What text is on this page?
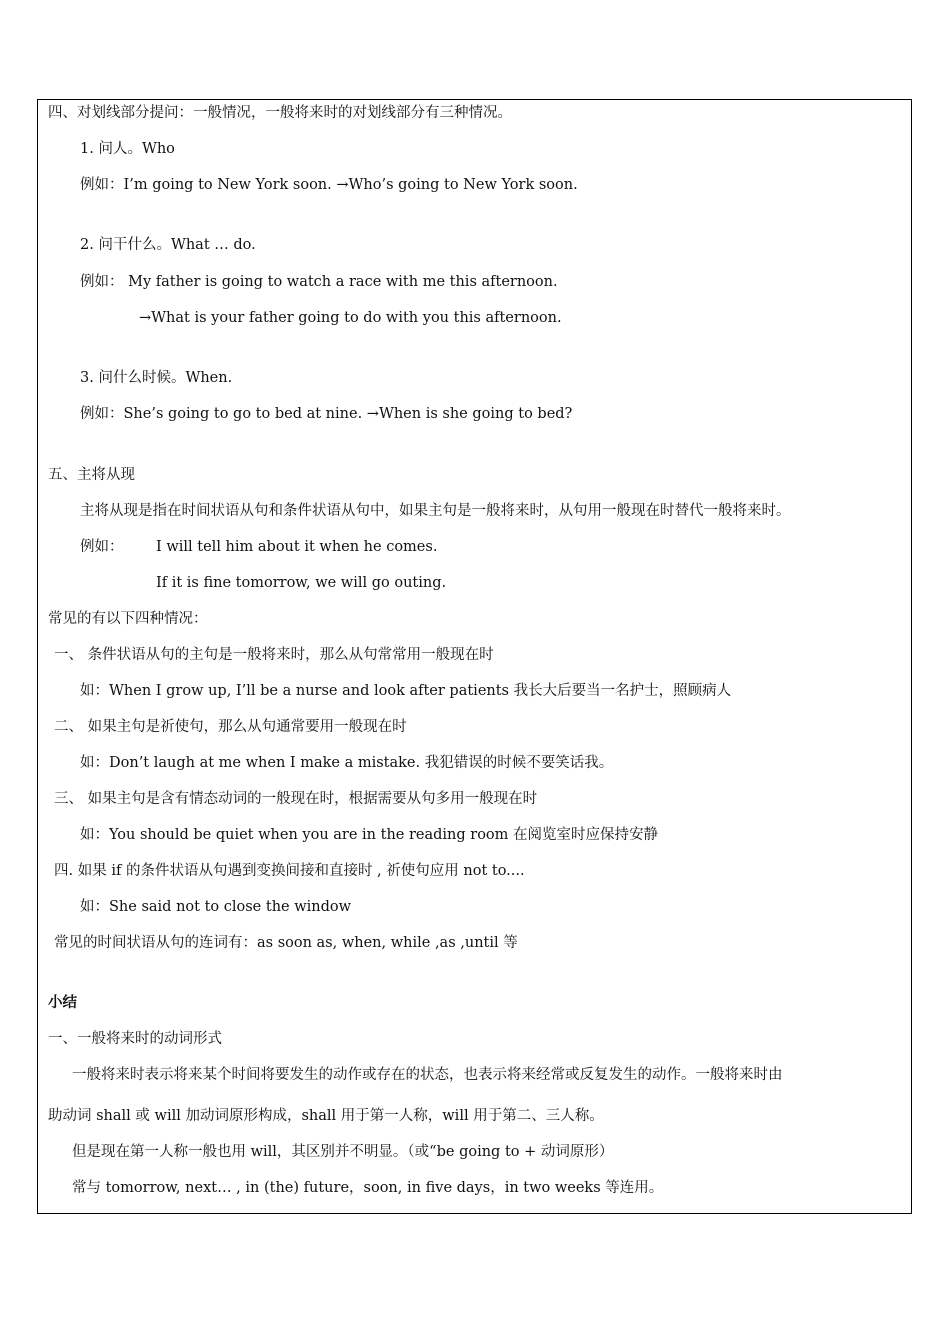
四、对划线部分提问：一般情况，一般将来时的对划线部分有三种情况。
1. 问人。Who
例如：I’m going to New York soon. →Who’s going to New York soon.
2. 问干什么。What … do.
例如： My father is going to watch a race with me this afternoon.
→What is your father going to do with you this afternoon.
3. 问什么时候。When.
例如：She’s going to go to bed at nine. →When is she going to bed?
五、主将从现
主将从现是指在时间状语从句和条件状语从句中，如果主句是一般将来时，从句用一般现在时替代一般将来时。
例如： I will tell him about it when he comes.
If it is fine tomorrow, we will go outing.
常见的有以下四种情况：
一、 条件状语从句的主句是一般将来时，那么从句常常用一般现在时
如：When I grow up, I’ll be a nurse and look after patients 我长大后要当一名护士，照顾病人
二、 如果主句是祈使句，那么从句通常要用一般现在时
如：Don’t laugh at me when I make a mistake. 我犯错误的时候不要笑话我。
三、 如果主句是含有情态动词的一般现在时，根据需要从句多用一般现在时
如：You should be quiet when you are in the reading room 在阅览室时应保持安静
四. 如果 if 的条件状语从句遇到变换间接和直接时 , 祈使句应用 not to....
如：She said not to close the window
常见的时间状语从句的连词有：as soon as, when, while ,as ,until 等
小结
一、一般将来时的动词形式
一般将来时表示将来某个时间将要发生的动作或存在的状态，也表示将来经常或反复发生的动作。一般将来时由
助动词 shall 或 will 加动词原形构成，shall 用于第一人称，will 用于第二、三人称。
但是现在第一人称一般也用 will，其区别并不明显。（或“be going to + 动词原形）
常与 tomorrow, next… , in (the) future，soon, in five days，in two weeks 等连用。
